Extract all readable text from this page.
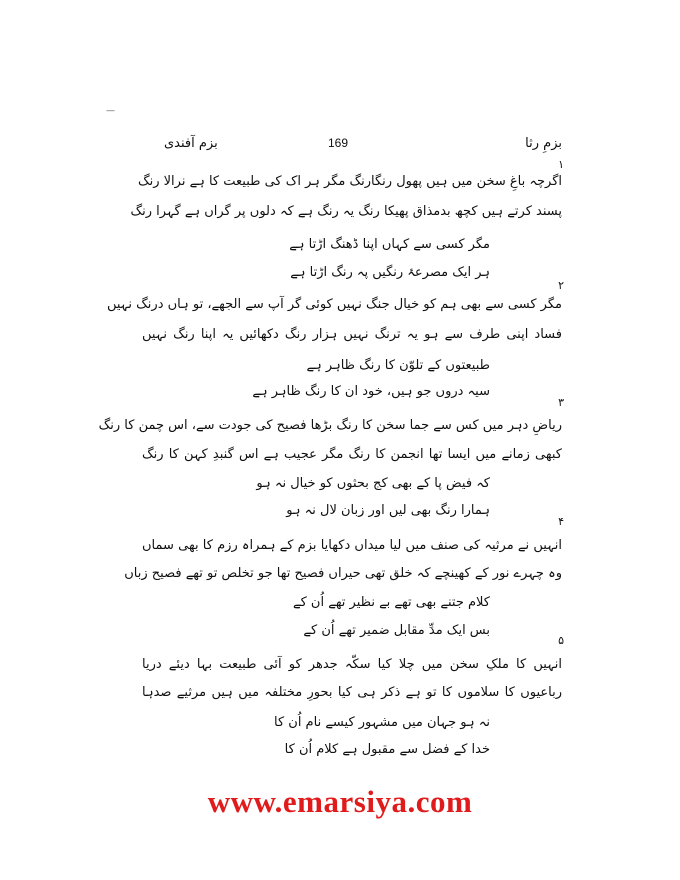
—
بزمِ رثا
169
بزم آفندی
۱
اگرچہ باغِ سخن میں ہیں پھول رنگارنگ مگر ہر اک کی طبیعت کا ہے نرالا رنگ
پسند کرتے ہیں کچھ بدمذاق پھیکا رنگ یہ رنگ ہے کہ دلوں پر گراں ہے گہرا رنگ
مگر کسی سے کہاں اپنا ڈھنگ اڑتا ہے
ہر ایک مصرعۂ رنگیں پہ رنگ اڑتا ہے
۲
مگر کسی سے بھی ہم کو خیال جنگ نہیں کوئی گر آپ سے الجھے، تو ہاں درنگ نہیں
فساد اپنی طرف سے ہو یہ ترنگ نہیں ہزار رنگ دکھائیں یہ اپنا رنگ نہیں
طبیعتوں کے تلوّن کا رنگ ظاہر ہے
سیہ دروں جو ہیں، خود ان کا رنگ ظاہر ہے
۳
ریاضِ دہر میں کس سے جما سخن کا رنگ بڑھا فصیح کی جودت سے، اس چمن کا رنگ
کبھی زمانے میں ایسا تھا انجمن کا رنگ مگر عجیب ہے اس گنبدِ کہن کا رنگ
کہ فیض پا کے بھی کج بحثوں کو خیال نہ ہو
ہمارا رنگ بھی لیں اور زبان لال نہ ہو
۴
انہیں نے مرثیہ کی صنف میں لیا میداں دکھایا بزم کے ہمراہ رزم کا بھی سماں
وہ چہرے نور کے کھینچے کہ خلق تھی حیراں فصیح تھا جو تخلص تو تھے فصیح زباں
کلام جتنے بھی تھے بے نظیر تھے اُن کے
بس ایک مدِّ مقابل ضمیر تھے اُن کے
۵
انہیں کا ملکِ سخن میں چلا کیا سکّہ جدھر کو آئی طبیعت بہا دیئے دریا
رباعیوں کا سلاموں کا تو ہے ذکر ہی کیا بحورِ مختلفہ میں ہیں مرثیے صدہا
نہ ہو جہان میں مشہور کیسے نام اُن کا
خدا کے فضل سے مقبول ہے کلام اُن کا
www.emarsiya.com
